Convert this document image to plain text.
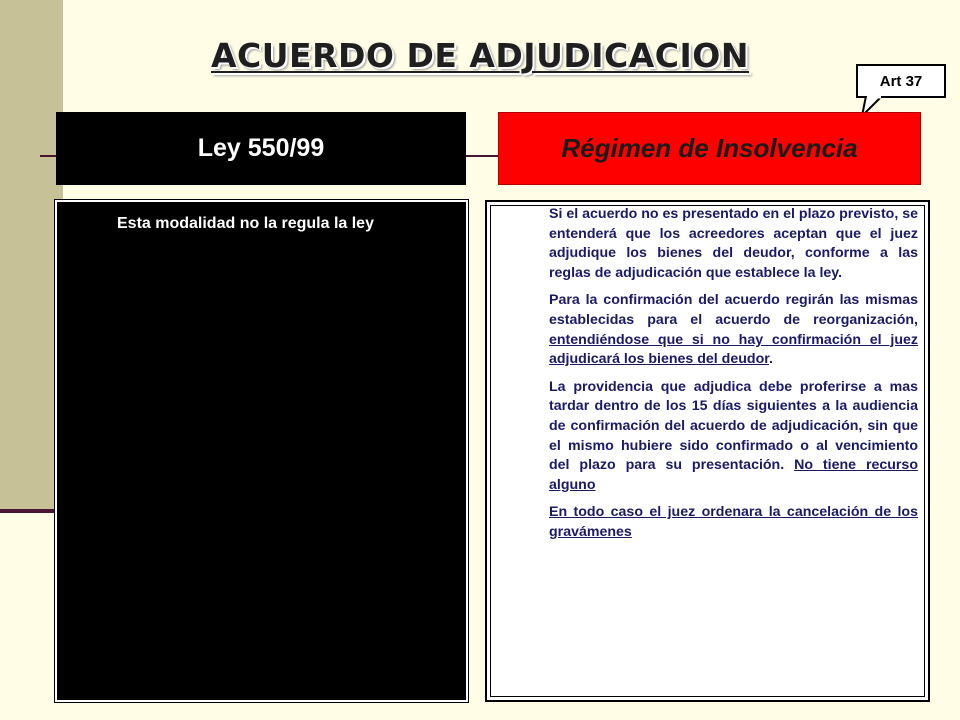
ACUERDO DE ADJUDICACION
Art 37
Ley 550/99	Régimen de Insolvencia
Esta modalidad no la regula la ley

Si el acuerdo no es presentado en el plazo previsto, se entenderá que los acreedores aceptan que el juez adjudique los bienes del deudor, conforme a las reglas de adjudicación que establece la ley.

Para la confirmación del acuerdo regirán las mismas establecidas para el acuerdo de reorganización, entendiéndose que si no hay confirmación el juez adjudicará los bienes del deudor.

La providencia que adjudica debe proferirse a mas tardar dentro de los 15 días siguientes a la audiencia de confirmación del acuerdo de adjudicación, sin que el mismo hubiere sido confirmado o al vencimiento del plazo para su presentación. No tiene recurso alguno

En todo caso el juez ordenara la cancelación de los gravámenes
